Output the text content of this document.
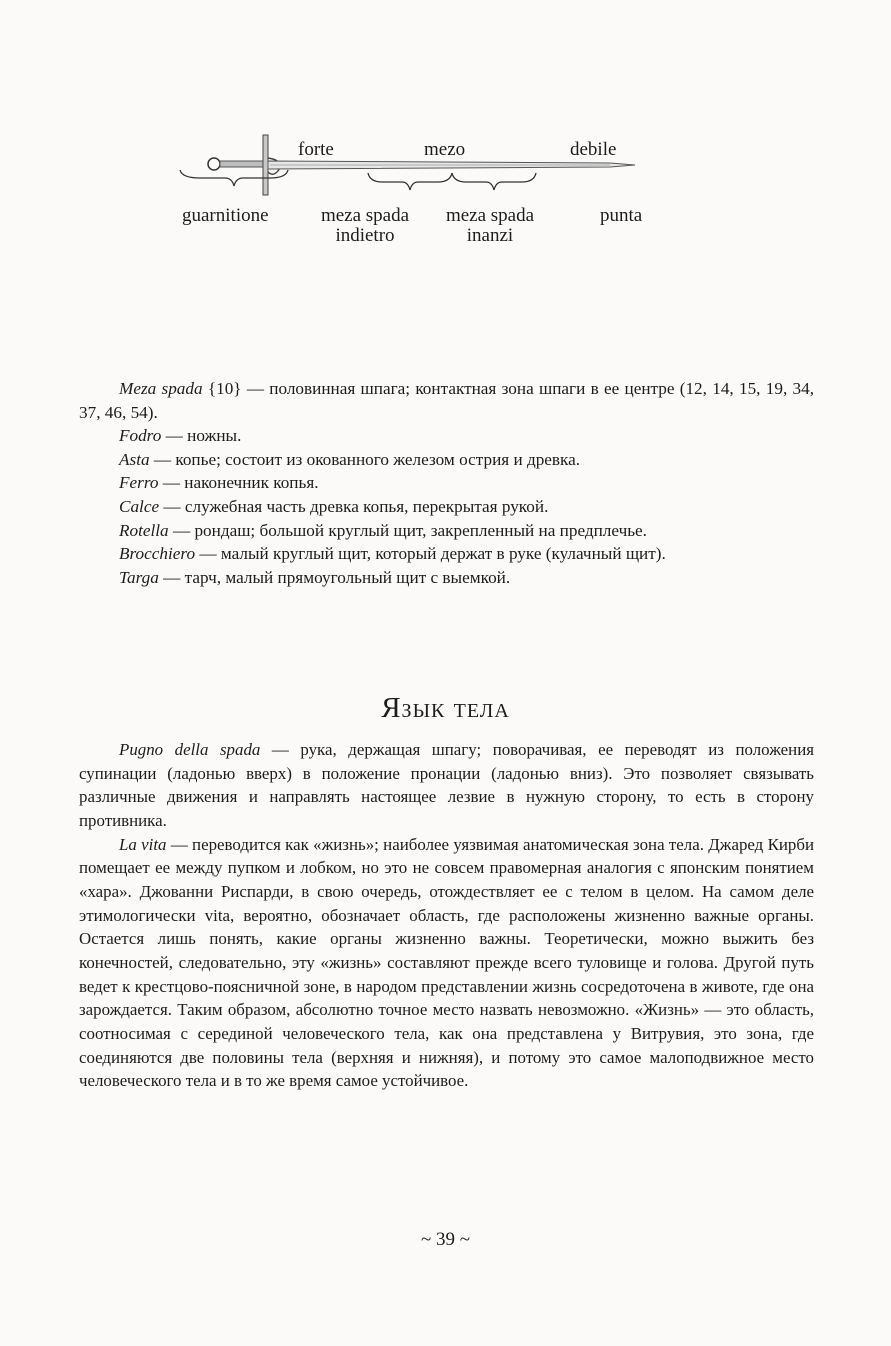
forte	mezo	debile
guarnitione	meza spada
indietro
meza spada
inanzi
punta

Meza spada {10} — половинная шпага; контактная зона шпаги в ее центре (12, 14, 15, 19, 34, 37, 46, 54).

Fodro — ножны.

Asta — копье; состоит из окованного железом острия и древка.

Ferro — наконечник копья.

Calce — служебная часть древка копья, перекрытая рукой.

Rotella — рондаш; большой круглый щит, закрепленный на предплечье.

Brocchiero — малый круглый щит, который держат в руке (кулачный щит).

Targa — тарч, малый прямоугольный щит с выемкой.

Язык тела

Pugno della spada — рука, держащая шпагу; поворачивая, ее переводят из положения супинации (ладонью вверх) в положение пронации (ладонью вниз). Это позволяет связывать различные движения и направлять настоящее лезвие в нужную сторону, то есть в сторону противника.

La vita — переводится как «жизнь»; наиболее уязвимая анатомическая зона тела. Джаред Кирби помещает ее между пупком и лобком, но это не совсем правомерная аналогия с японским понятием «хара». Джованни Риспарди, в свою очередь, отождествляет ее с телом в целом. На самом деле этимологически vita, вероятно, обозначает область, где расположены жизненно важные органы. Остается лишь понять, какие органы жизненно важны. Теоретически, можно выжить без конечностей, следовательно, эту «жизнь» составляют прежде всего туловище и голова. Другой путь ведет к крестцово-поясничной зоне, в народом представлении жизнь сосредоточена в животе, где она зарождается. Таким образом, абсолютно точное место назвать невозможно. «Жизнь» — это область, соотносимая с серединой человеческого тела, как она представлена у Витрувия, это зона, где соединяются две половины тела (верхняя и нижняя), и потому это самое малоподвижное место человеческого тела и в то же время самое устойчивое.

~ 39 ~
